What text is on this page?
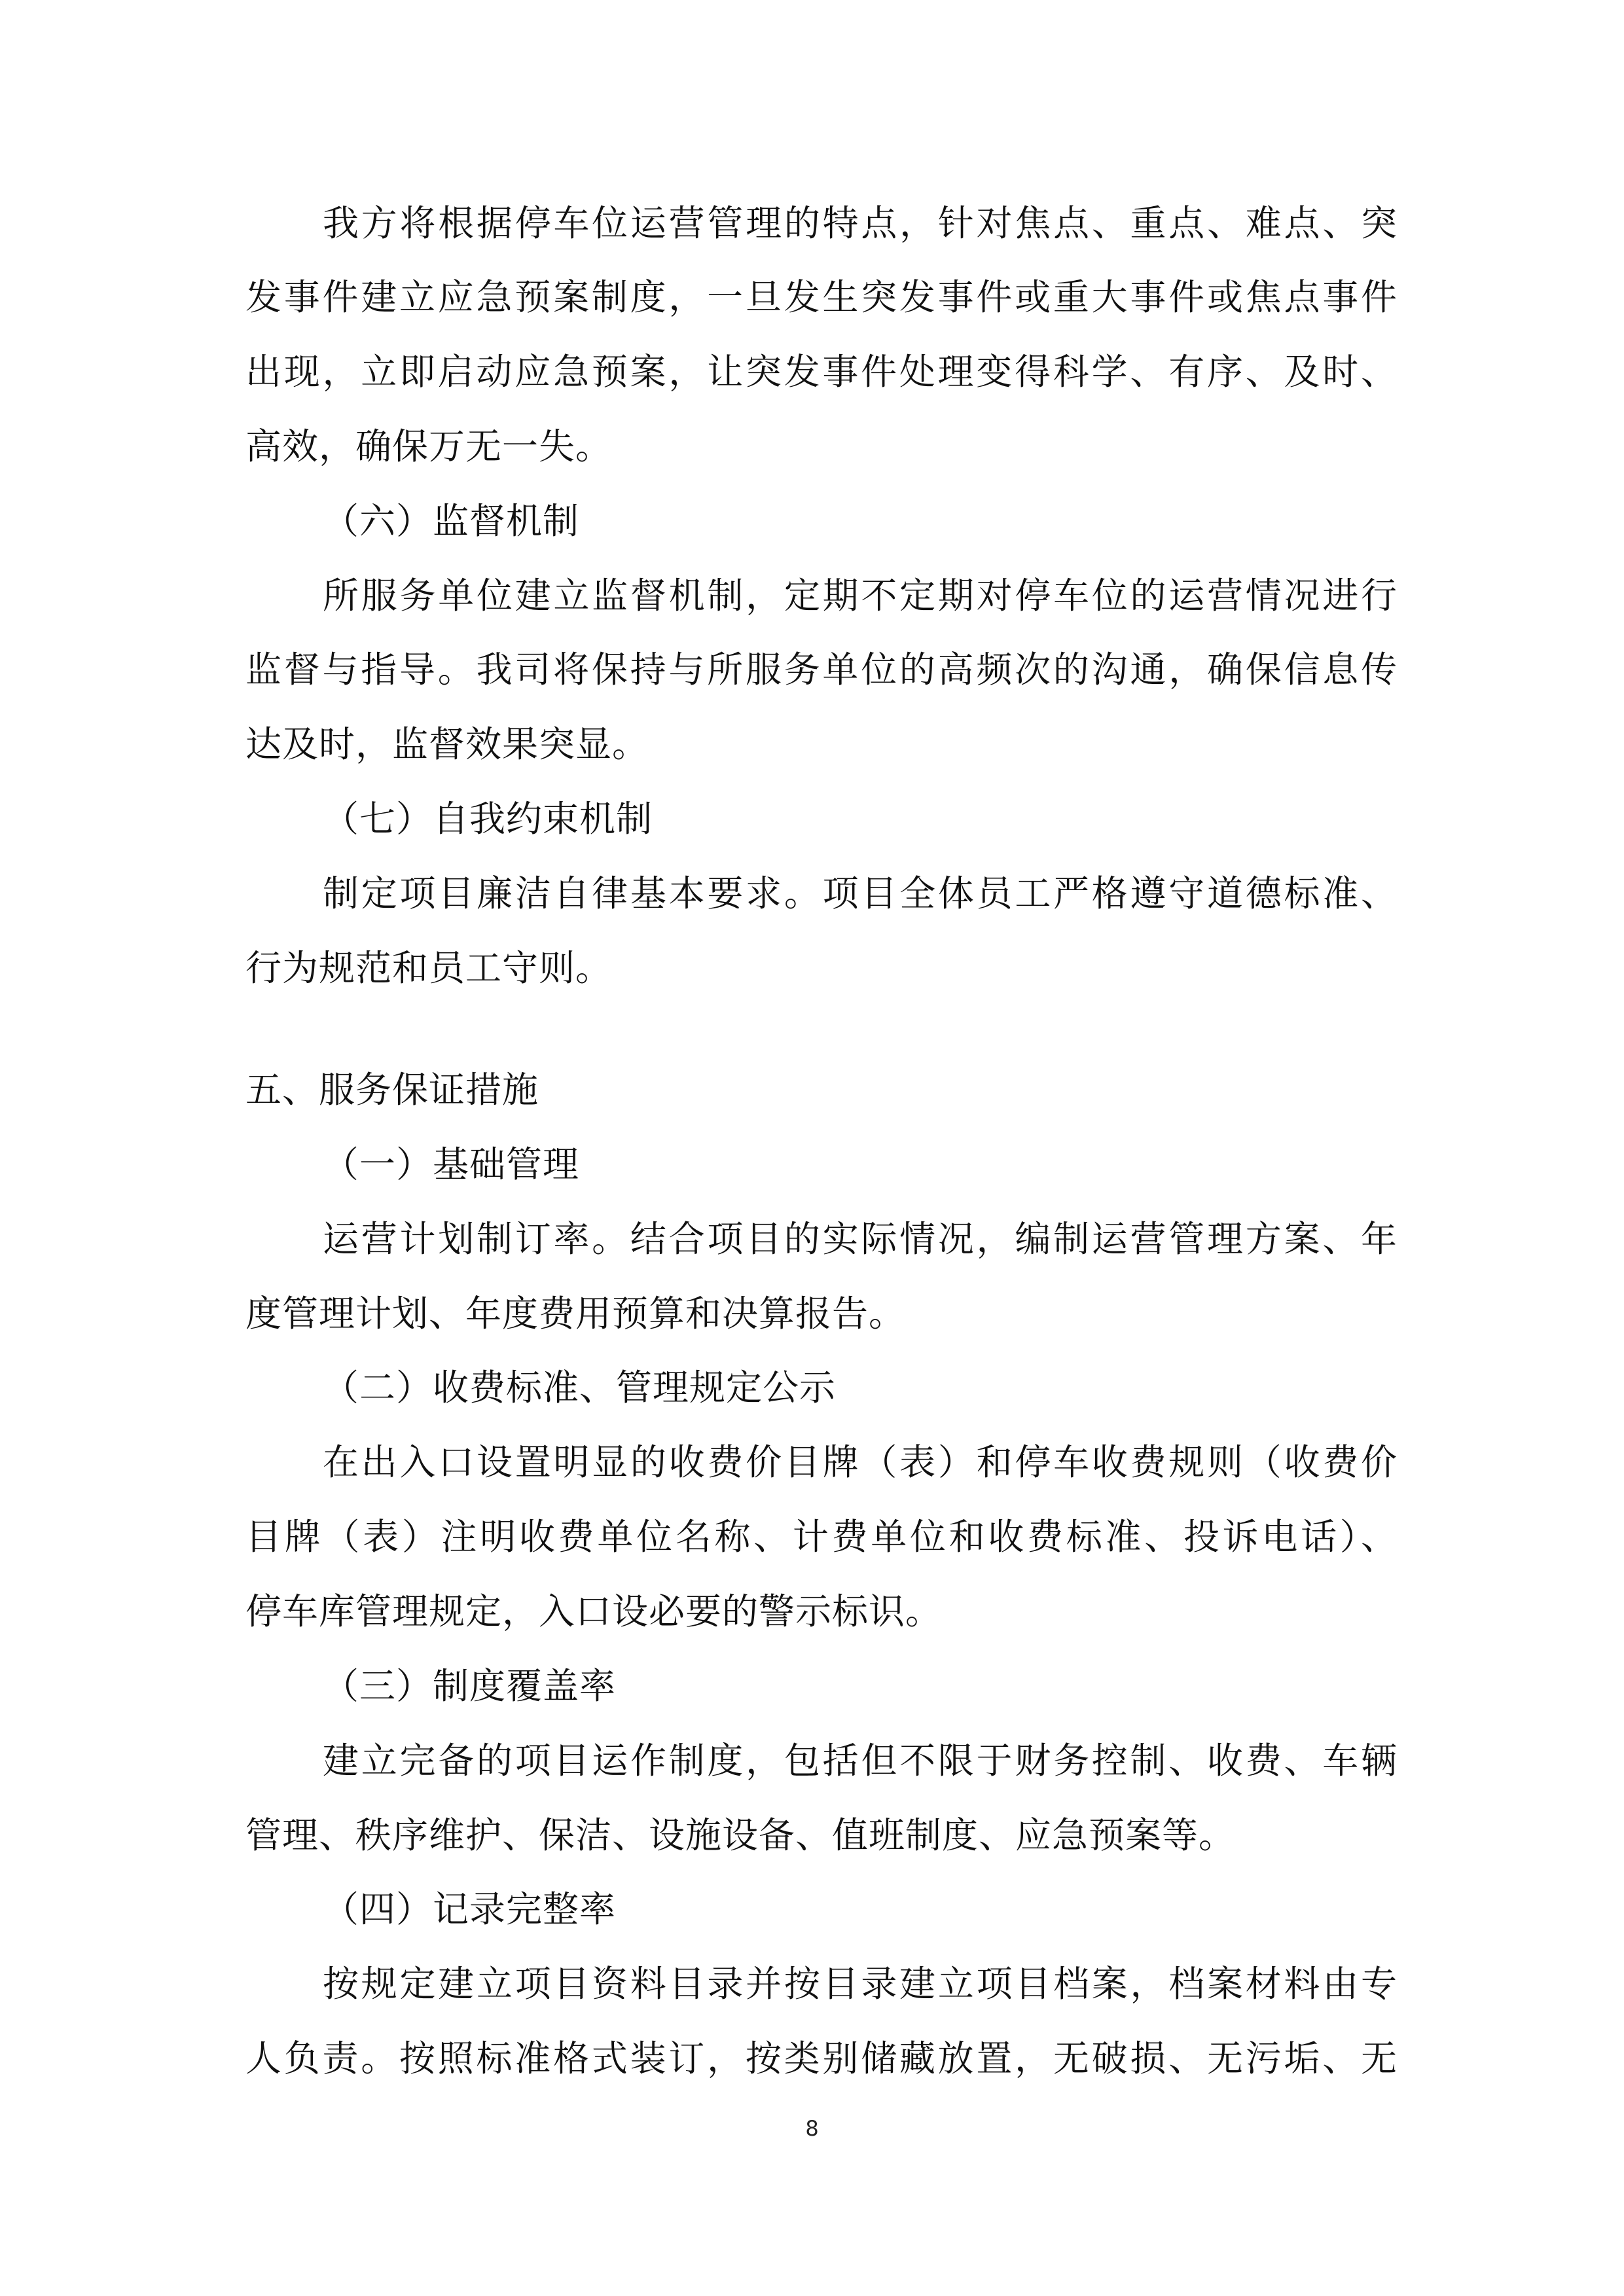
我方将根据停车位运营管理的特点，针对焦点、重点、难点、突

发事件建立应急预案制度，一旦发生突发事件或重大事件或焦点事件

出现，立即启动应急预案，让突发事件处理变得科学、有序、及时、

高效，确保万无一失。

（六）监督机制

所服务单位建立监督机制，定期不定期对停车位的运营情况进行

监督与指导。我司将保持与所服务单位的高频次的沟通，确保信息传

达及时，监督效果突显。

（七）自我约束机制

制定项目廉洁自律基本要求。项目全体员工严格遵守道德标准、

行为规范和员工守则。

五、服务保证措施

（一）基础管理

运营计划制订率。结合项目的实际情况，编制运营管理方案、年

度管理计划、年度费用预算和决算报告。

（二）收费标准、管理规定公示

在出入口设置明显的收费价目牌（表）和停车收费规则（收费价

目牌（表）注明收费单位名称、计费单位和收费标准、投诉电话）、

停车库管理规定，入口设必要的警示标识。

（三）制度覆盖率

建立完备的项目运作制度，包括但不限于财务控制、收费、车辆

管理、秩序维护、保洁、设施设备、值班制度、应急预案等。

（四）记录完整率

按规定建立项目资料目录并按目录建立项目档案，档案材料由专

人负责。按照标准格式装订，按类别储藏放置，无破损、无污垢、无

8
